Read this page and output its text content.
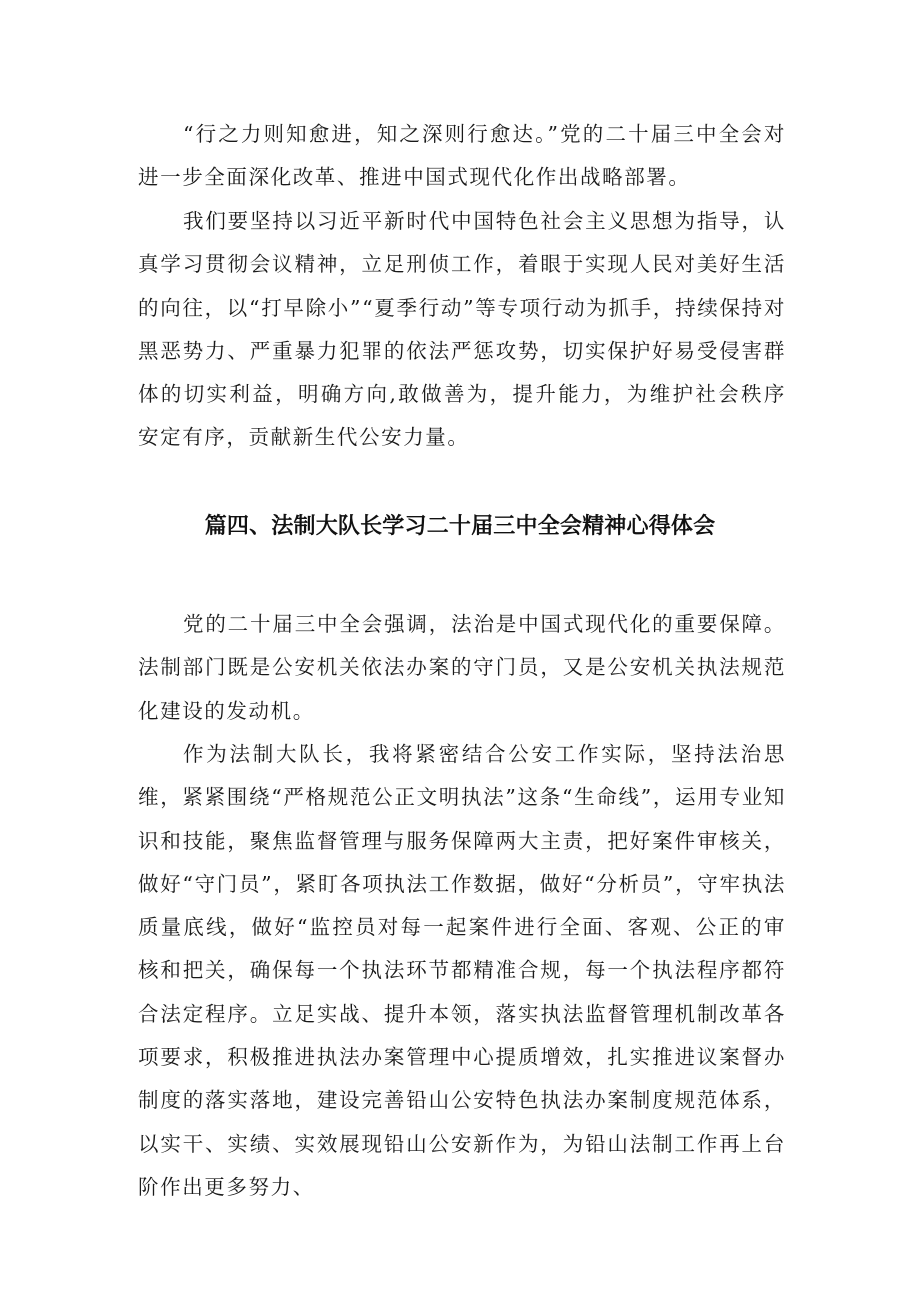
“行之力则知愈进，知之深则行愈达。”党的二十届三中全会对进一步全面深化改革、推进中国式现代化作出战略部署。

我们要坚持以习近平新时代中国特色社会主义思想为指导，认真学习贯彻会议精神，立足刑侦工作，着眼于实现人民对美好生活的向往，以“打早除小”“夏季行动”等专项行动为抓手，持续保持对黑恶势力、严重暴力犯罪的依法严惩攻势，切实保护好易受侵害群体的切实利益，明确方向,敢做善为，提升能力，为维护社会秩序安定有序，贡献新生代公安力量。

篇四、法制大队长学习二十届三中全会精神心得体会

党的二十届三中全会强调，法治是中国式现代化的重要保障。法制部门既是公安机关依法办案的守门员，又是公安机关执法规范化建设的发动机。

作为法制大队长，我将紧密结合公安工作实际，坚持法治思维，紧紧围绕“严格规范公正文明执法”这条“生命线”，运用专业知识和技能，聚焦监督管理与服务保障两大主责，把好案件审核关，做好“守门员”，紧盯各项执法工作数据，做好“分析员”，守牢执法质量底线，做好“监控员对每一起案件进行全面、客观、公正的审核和把关，确保每一个执法环节都精准合规，每一个执法程序都符合法定程序。立足实战、提升本领，落实执法监督管理机制改革各项要求，积极推进执法办案管理中心提质增效，扎实推进议案督办制度的落实落地，建设完善铅山公安特色执法办案制度规范体系，以实干、实绩、实效展现铅山公安新作为，为铅山法制工作再上台阶作出更多努力、
